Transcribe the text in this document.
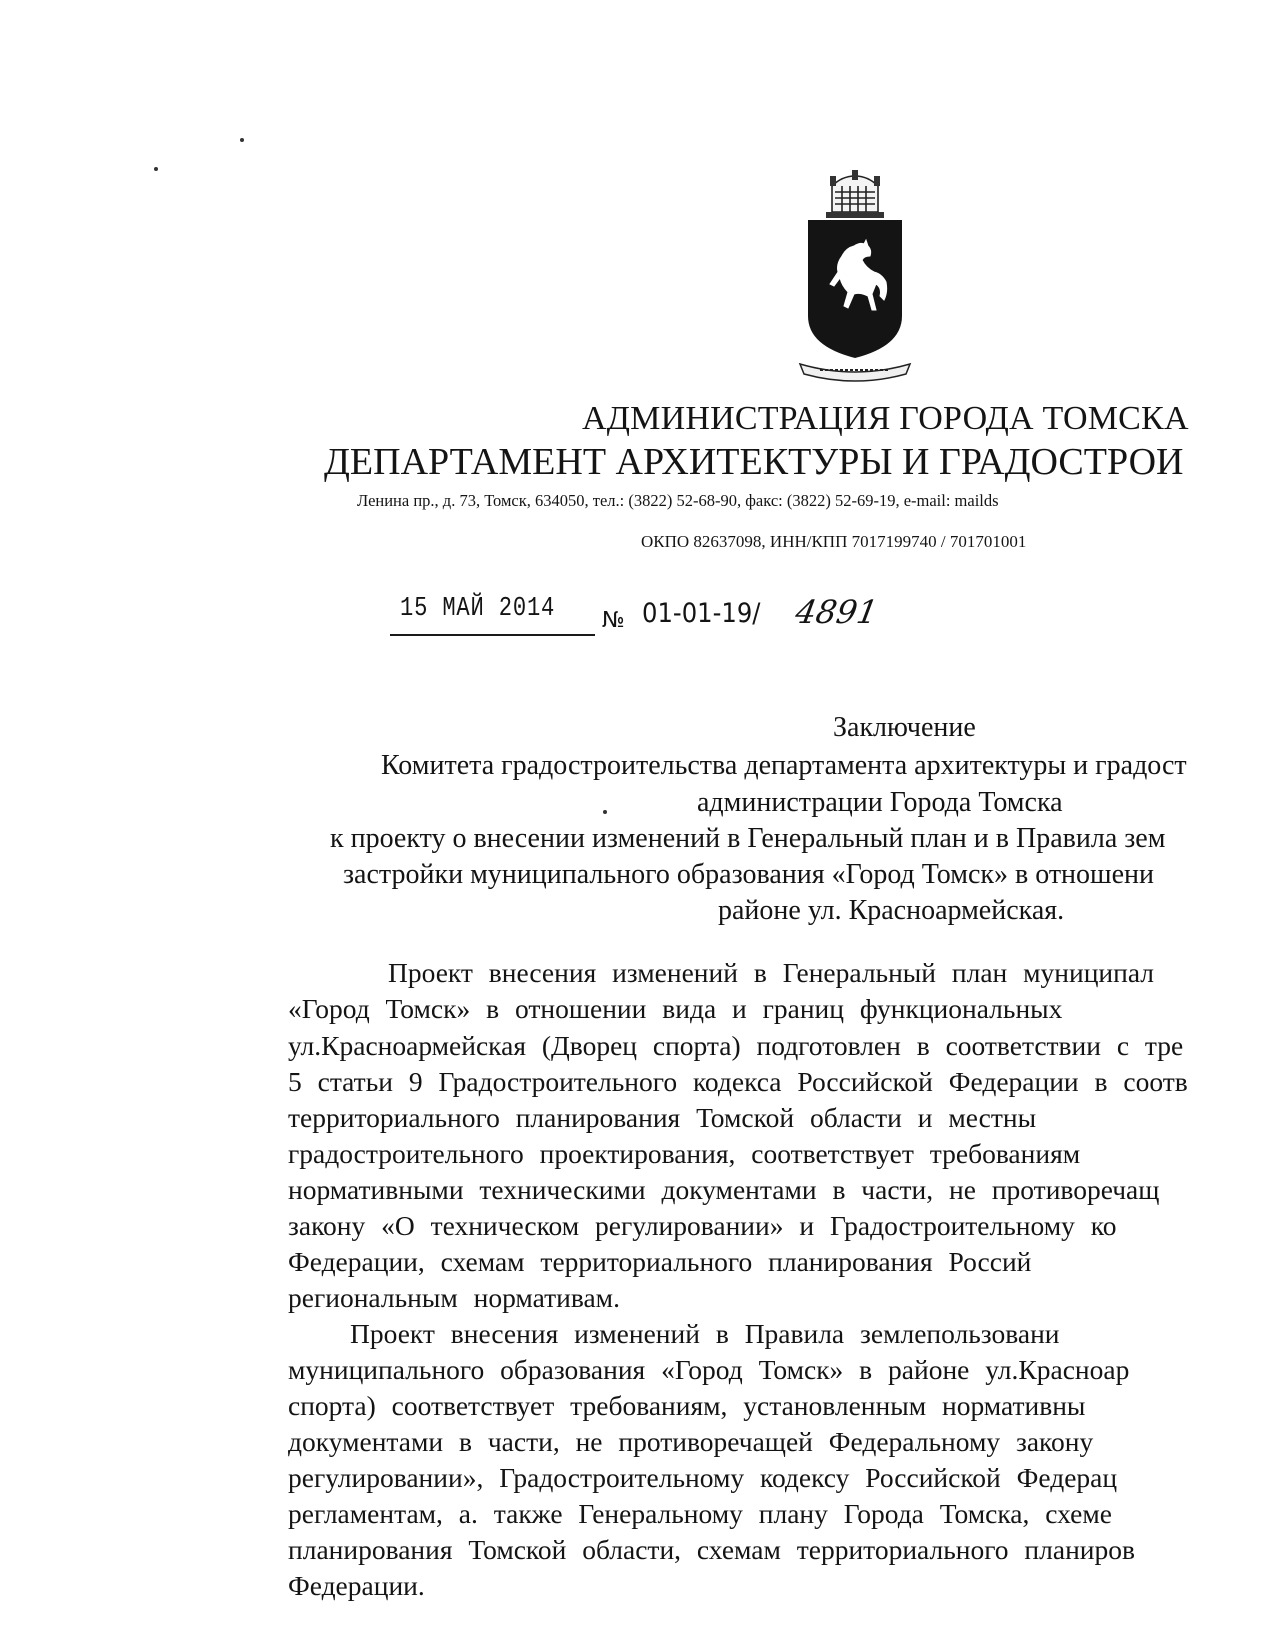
АДМИНИСТРАЦИЯ ГОРОДА ТОМСКА
ДЕПАРТАМЕНТ АРХИТЕКТУРЫ И ГРАДОСТРОИ
Ленина пр., д. 73, Томск, 634050, тел.: (3822) 52-68-90, факс: (3822) 52-69-19, e-mail: mailds
ОКПО 82637098, ИНН/КПП 7017199740 / 701701001
15 МАЙ 2014 № 01-01-19/ 4891
Заключение
Комитета градостроительства департамента архитектуры и градост
администрации Города Томска
к проекту о внесении изменений в Генеральный план и в Правила зем
застройки муниципального образования «Город Томск» в отношени
районе ул. Красноармейская.
Проект внесения изменений в Генеральный план муниципал
«Город Томск» в отношении вида и границ функциональных
ул.Красноармейская (Дворец спорта) подготовлен в соответствии с тре
5 статьи 9 Градостроительного кодекса Российской Федерации в соотв
территориального планирования Томской области и местны
градостроительного проектирования, соответствует требованиям
нормативными техническими документами в части, не противоречащ
закону «О техническом регулировании» и Градостроительному ко
Федерации, схемам территориального планирования Россий
региональным нормативам.
Проект внесения изменений в Правила землепользовани
муниципального образования «Город Томск» в районе ул.Красноар
спорта) соответствует требованиям, установленным нормативны
документами в части, не противоречащей Федеральному закону
регулировании», Градостроительному кодексу Российской Федерац
регламентам, а. также Генеральному плану Города Томска, схеме
планирования Томской области, схемам территориального планиров
Федерации.
